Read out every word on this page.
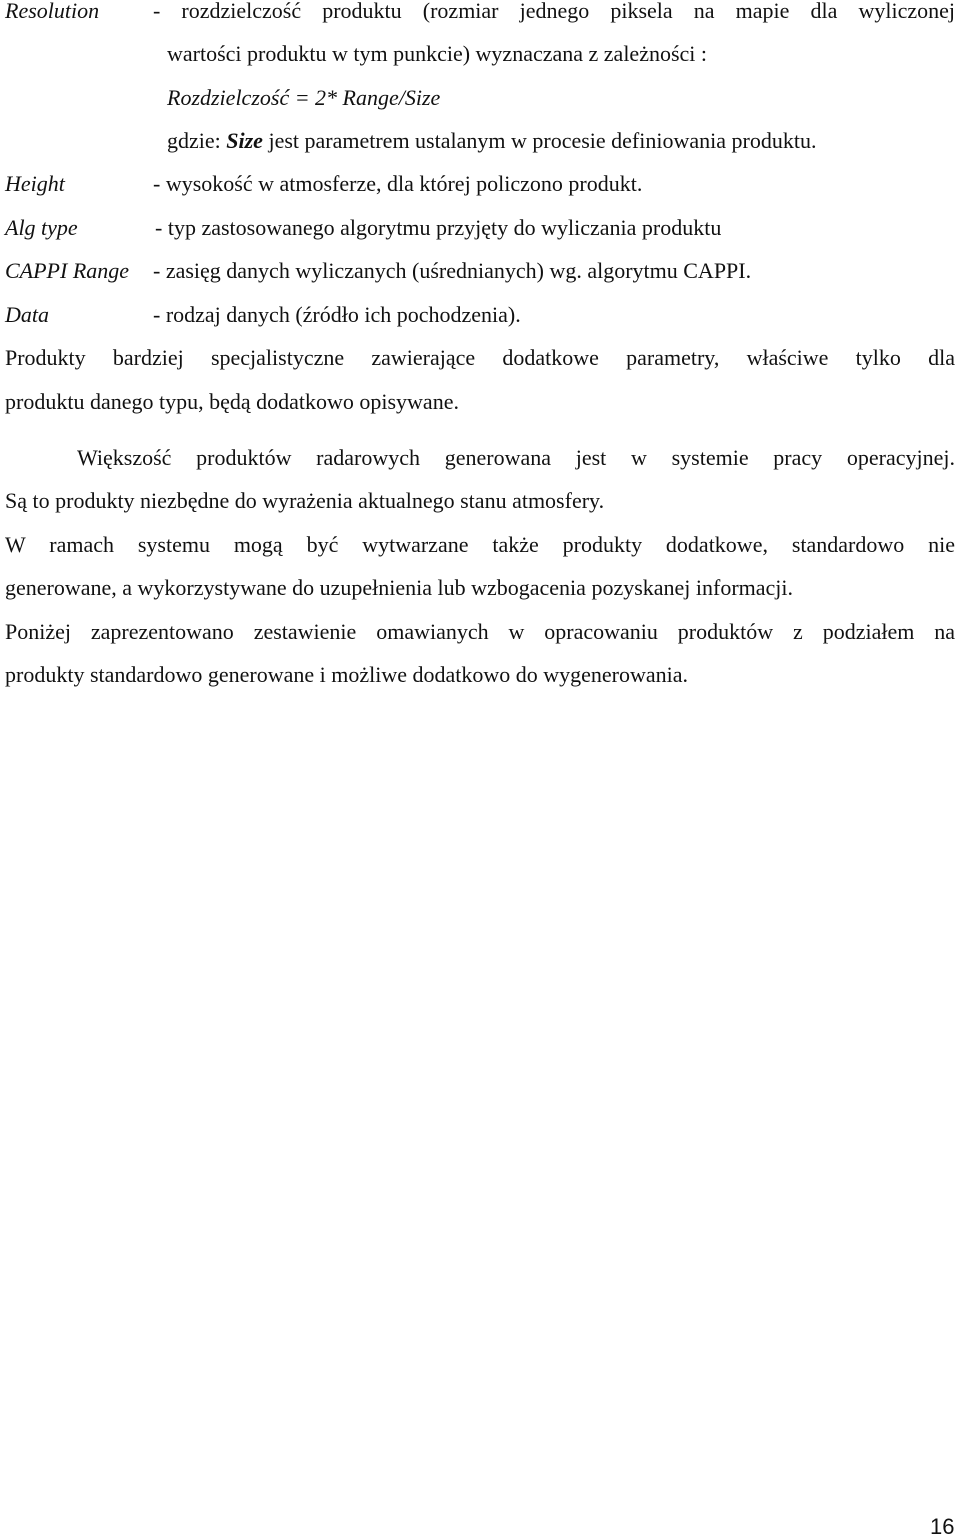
Resolution - rozdzielczość produktu (rozmiar jednego piksela na mapie dla wyliczonej
wartości produktu w tym punkcie) wyznaczana z zależności :
Rozdzielczość = 2* Range/Size
gdzie: Size jest parametrem ustalanym w procesie definiowania produktu.
Height	- wysokość w atmosferze, dla której policzono produkt.
Alg type	- typ zastosowanego algorytmu przyjęty do wyliczania produktu
CAPPI Range - zasięg danych wyliczanych (uśrednianych) wg. algorytmu CAPPI.
Data	- rodzaj danych (źródło ich pochodzenia).
Produkty bardziej specjalistyczne zawierające dodatkowe parametry, właściwe tylko dla
produktu danego typu, będą dodatkowo opisywane.
Większość produktów radarowych generowana jest w systemie pracy operacyjnej.
Są to produkty niezbędne do wyrażenia aktualnego stanu atmosfery.
W ramach systemu mogą być wytwarzane także produkty dodatkowe, standardowo nie
generowane, a wykorzystywane do uzupełnienia lub wzbogacenia pozyskanej informacji.
Poniżej zaprezentowano zestawienie omawianych w opracowaniu produktów z podziałem na
produkty standardowo generowane i możliwe dodatkowo do wygenerowania.
16
